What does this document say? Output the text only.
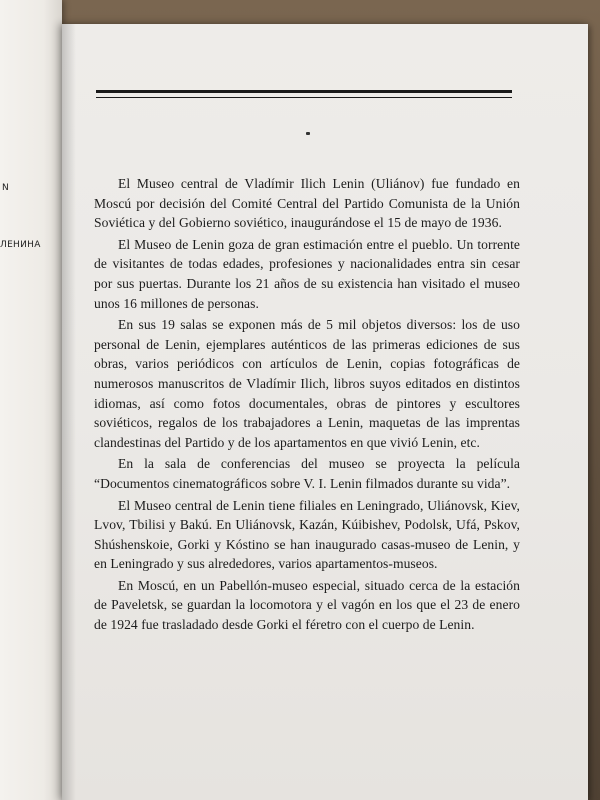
N
ЛЕНИНА

El Museo central de Vladímir Ilich Lenin (Uliánov) fue fundado en Moscú por decisión del Comité Central del Partido Comunista de la Unión Soviética y del Gobierno soviético, inaugurándose el 15 de mayo de 1936.

El Museo de Lenin goza de gran estimación entre el pueblo. Un torrente de visitantes de todas edades, profesiones y nacionalidades entra sin cesar por sus puertas. Durante los 21 años de su existencia han visitado el museo unos 16 millones de personas.

En sus 19 salas se exponen más de 5 mil objetos diversos: los de uso personal de Lenin, ejemplares auténticos de las primeras ediciones de sus obras, varios periódicos con artículos de Lenin, copias fotográficas de numerosos manuscritos de Vladímir Ilich, libros suyos editados en distintos idiomas, así como fotos documentales, obras de pintores y escultores soviéticos, regalos de los trabajadores a Lenin, maquetas de las imprentas clandestinas del Partido y de los apartamentos en que vivió Lenin, etc.

En la sala de conferencias del museo se proyecta la película “Documentos cinematográficos sobre V. I. Lenin filmados durante su vida”.

El Museo central de Lenin tiene filiales en Leningrado, Uliánovsk, Kiev, Lvov, Tbilisi y Bakú. En Uliánovsk, Kazán, Kúibishev, Podolsk, Ufá, Pskov, Shúshenskoie, Gorki y Kóstino se han inaugurado casas-museo de Lenin, y en Leningrado y sus alrededores, varios apartamentos-museos.

En Moscú, en un Pabellón-museo especial, situado cerca de la estación de Paveletsk, se guardan la locomotora y el vagón en los que el 23 de enero de 1924 fue trasladado desde Gorki el féretro con el cuerpo de Lenin.
